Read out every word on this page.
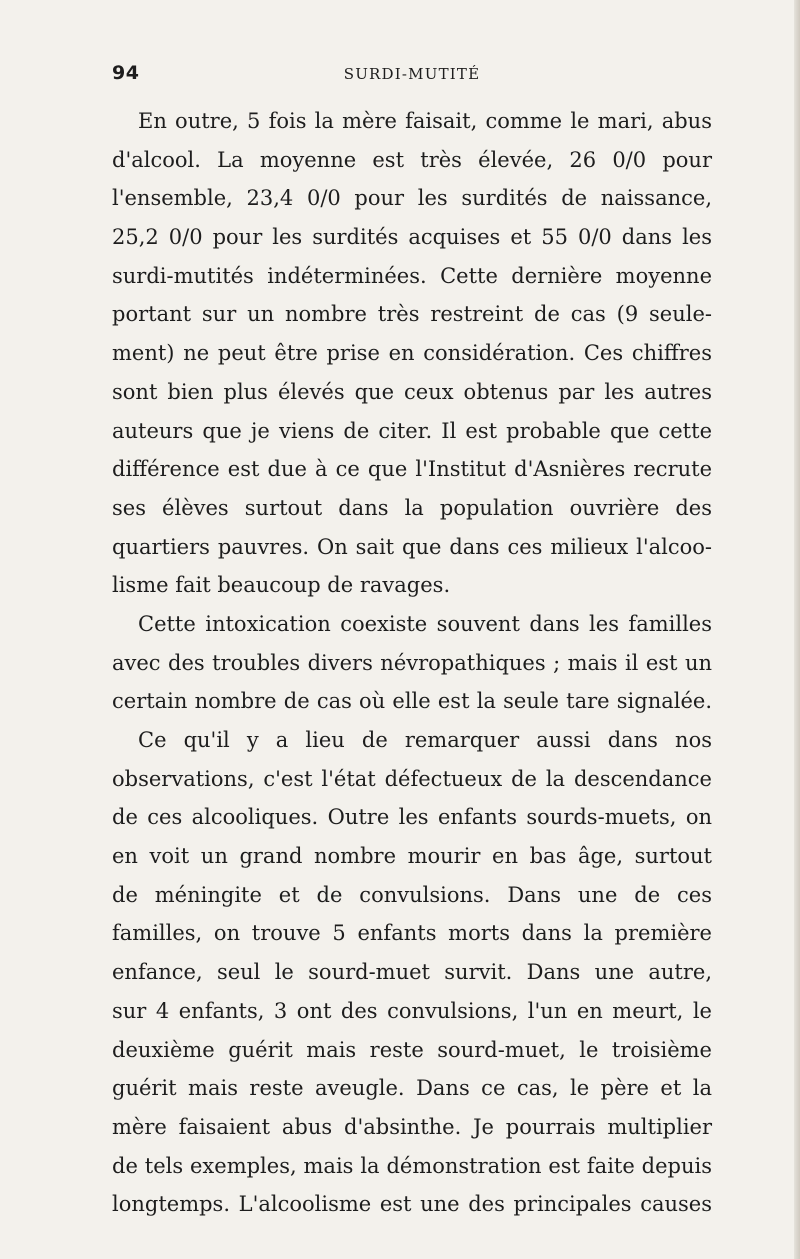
94	SURDI-MUTITÉ
En outre, 5 fois la mère faisait, comme le mari, abus
d'alcool. La moyenne est très élevée, 26 0/0 pour
l'ensemble, 23,4 0/0 pour les surdités de naissance,
25,2 0/0 pour les surdités acquises et 55 0/0 dans les
surdi-mutités indéterminées. Cette dernière moyenne
portant sur un nombre très restreint de cas (9 seule-
ment) ne peut être prise en considération. Ces chiffres
sont bien plus élevés que ceux obtenus par les autres
auteurs que je viens de citer. Il est probable que cette
différence est due à ce que l'Institut d'Asnières recrute
ses élèves surtout dans la population ouvrière des
quartiers pauvres. On sait que dans ces milieux l'alcoo-
lisme fait beaucoup de ravages.
Cette intoxication coexiste souvent dans les familles
avec des troubles divers névropathiques ; mais il est un
certain nombre de cas où elle est la seule tare signalée.
Ce qu'il y a lieu de remarquer aussi dans nos
observations, c'est l'état défectueux de la descendance
de ces alcooliques. Outre les enfants sourds-muets, on
en voit un grand nombre mourir en bas âge, surtout
de méningite et de convulsions. Dans une de ces
familles, on trouve 5 enfants morts dans la première
enfance, seul le sourd-muet survit. Dans une autre,
sur 4 enfants, 3 ont des convulsions, l'un en meurt, le
deuxième guérit mais reste sourd-muet, le troisième
guérit mais reste aveugle. Dans ce cas, le père et la
mère faisaient abus d'absinthe. Je pourrais multiplier
de tels exemples, mais la démonstration est faite depuis
longtemps. L'alcoolisme est une des principales causes
